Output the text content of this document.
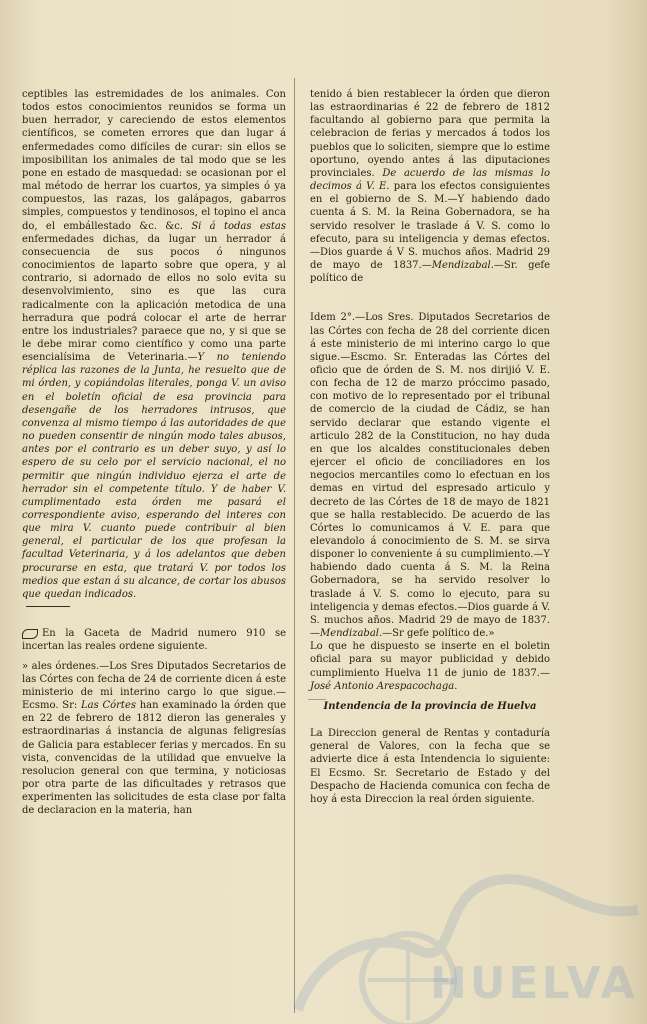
ceptibles las estremidades de los animales. Con todos estos conocimientos reunidos se forma un buen herrador, y careciendo de estos elementos científicos, se cometen errores que dan lugar á enfermedades como difíciles de curar: sin ellos se imposibilitan los animales de tal modo que se les pone en estado de masquedad: se ocasionan por el mal método de herrar los cuartos, ya simples ó ya compuestos, las razas, los galápagos, gabarros simples, compuestos y tendinosos, el topino el anca do, el embállestado &c. &c. Si á todas estas enfermedades dichas, da lugar un herrador á consecuencia de sus pocos ó ningunos conocimientos de laparto sobre que opera, y al contrario, si adornado de ellos no solo evita su desenvolvimiento, sino es que las cura radicalmente con la aplicación metodica de una herradura que podrá colocar el arte de herrar entre los industriales? paraece que no, y si que se le debe mirar como científico y como una parte esencialísima de Veterinaria.—Y no teniendo réplica las razones de la Junta, he resuelto que de mi órden, y copiándolas literales, ponga V. un aviso en el boletín oficial de esa provincia para desengañe de los herradores intrusos, que convenza al mismo tiempo á las autoridades de que no pueden consentir de ningún modo tales abusos, antes por el contrario es un deber suyo, y así lo espero de su celo por el servicio nacional, el no permitir que ningún individuo ejerza el arte de herrador sin el competente título. Y de haber V. cumplimentado esta órden me pasará el correspondiente aviso, esperando del interes con que mira V. cuanto puede contribuir al bien general, el particular de los que profesan la facultad Veterinaria, y á los adelantos que deben procurarse en esta, que tratará V. por todos los medios que estan á su alcance, de cortar los abusos que quedan indicados.

En la Gaceta de Madrid numero 910 se incertan las reales ordene siguiente.

» ales órdenes.—Los Sres Diputados Secretarios de las Córtes con fecha de 24 de corriente dicen á este ministerio de mi interino cargo lo que sigue.—Ecsmo. Sr: Las Córtes han examinado la órden que en 22 de febrero de 1812 dieron las generales y estraordinarias á instancia de algunas feligresías de Galicia para establecer ferias y mercados. En su vista, convencidas de la utilidad que envuelve la resolucion general con que termina, y noticiosas por otra parte de las dificultades y retrasos que experimenten las solicitudes de esta clase por falta de declaracion en la materia, han

tenido á bien restablecer la órden que dieron las estraordinarias é 22 de febrero de 1812 facultando al gobierno para que permita la celebracion de ferias y mercados á todos los pueblos que lo soliciten, siempre que lo estime oportuno, oyendo antes á las diputaciones provinciales. De acuerdo de las mismas lo decimos á V. E. para los efectos consiguientes en el gobierno de S. M.—Y habiendo dado cuenta á S. M. la Reina Gobernadora, se ha servido resolver le traslade á V. S. como lo efecuto, para su inteligencia y demas efectos.—Dios guarde á V S. muchos años. Madrid 29 de mayo de 1837.—Mendizabal.—Sr. gefe político de

Idem 2°.—Los Sres. Diputados Secretarios de las Córtes con fecha de 28 del corriente dicen á este ministerio de mi interino cargo lo que sigue.—Escmo. Sr. Enteradas las Córtes del oficio que de órden de S. M. nos dirijió V. E. con fecha de 12 de marzo próccimo pasado, con motivo de lo representado por el tribunal de comercio de la ciudad de Cádiz, se han servido declarar que estando vigente el articulo 282 de la Constitucion, no hay duda en que los alcaldes constitucionales deben ejercer el oficio de conciliadores en los negocios mercantiles como lo efectuan en los demas en virtud del espresado articulo y decreto de las Córtes de 18 de mayo de 1821 que se halla restablecido. De acuerdo de las Córtes lo comunicamos á V. E. para que elevandolo á conocimiento de S. M. se sirva disponer lo conveniente á su cumplimiento.—Y habiendo dado cuenta á S. M. la Reina Gobernadora, se ha servido resolver lo traslade á V. S. como lo ejecuto, para su inteligencia y demas efectos.—Dios guarde á V. S. muchos años. Madrid 29 de mayo de 1837.—Mendizabal.—Sr gefe político de.»

Lo que he dispuesto se inserte en el boletin oficial para su mayor publicidad y debido cumplimiento Huelva 11 de junio de 1837.—José Antonio Arespacochaga.

Intendencia de la provincia de Huelva

La Direccion general de Rentas y contaduría general de Valores, con la fecha que se advierte dice á esta Intendencia lo siguiente: El Ecsmo. Sr. Secretario de Estado y del Despacho de Hacienda comunica con fecha de hoy á esta Direccion la real órden siguiente.

HUELVA
